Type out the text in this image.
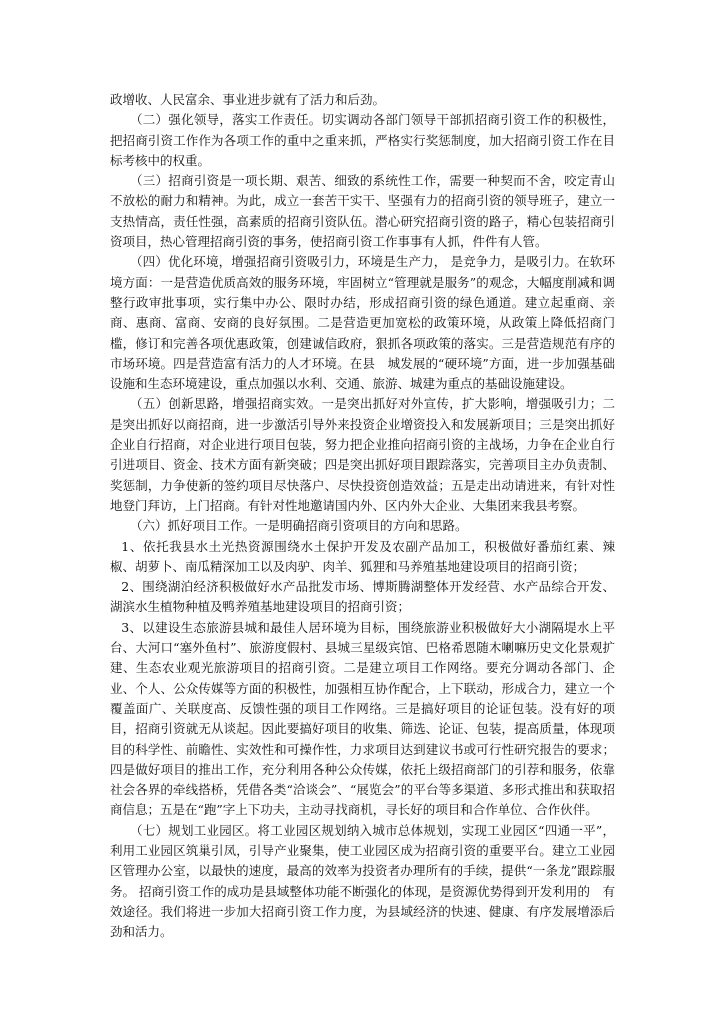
政增收、人民富余、事业进步就有了活力和后劲。

（二）强化领导，落实工作责任。切实调动各部门领导干部抓招商引资工作的积极性，把招商引资工作作为各项工作的重中之重来抓，严格实行奖惩制度，加大招商引资工作在目标考核中的权重。

（三）招商引资是一项长期、艰苦、细致的系统性工作，需要一种契而不舍，咬定青山不放松的耐力和精神。为此，成立一套苦干实干、坚强有力的招商引资的领导班子，建立一支热情高，责任性强，高素质的招商引资队伍。潜心研究招商引资的路子，精心包装招商引资项目，热心管理招商引资的事务，使招商引资工作事事有人抓，件件有人管。

（四）优化环境，增强招商引资吸引力，环境是生产力， 是竞争力，是吸引力。在软环境方面：一是营造优质高效的服务环境，牢固树立“管理就是服务”的观念，大幅度削减和调整行政审批事项，实行集中办公、限时办结，形成招商引资的绿色通道。建立起重商、亲商、惠商、富商、安商的良好氛围。二是营造更加宽松的政策环境，从政策上降低招商门槛，修订和完善各项优惠政策，创建诚信政府，狠抓各项政策的落实。三是营造规范有序的市场环境。四是营造富有活力的人才环境。在县　城发展的“硬环境”方面，进一步加强基础设施和生态环境建设，重点加强以水利、交通、旅游、城建为重点的基础设施建设。

（五）创新思路，增强招商实效。一是突出抓好对外宣传，扩大影响，增强吸引力；二是突出抓好以商招商，进一步激活引导外来投资企业增资投入和发展新项目；三是突出抓好企业自行招商，对企业进行项目包装，努力把企业推向招商引资的主战场，力争在企业自行引进项目、资金、技术方面有新突破；四是突出抓好项目跟踪落实，完善项目主办负责制、奖惩制，力争使新的签约项目尽快落户、尽快投资创造效益；五是走出动请进来，有针对性地登门拜访，上门招商。有针对性地邀请国内外、区内外大企业、大集团来我县考察。

（六）抓好项目工作。一是明确招商引资项目的方向和思路。

1、依托我县水土光热资源围绕水土保护开发及农副产品加工，积极做好番茄红素、辣椒、胡萝卜、南瓜精深加工以及肉驴、肉羊、狐狸和马养殖基地建设项目的招商引资；

2、围绕湖泊经济积极做好水产品批发市场、博斯腾湖整体开发经营、水产品综合开发、湖滨水生植物种植及鸭养殖基地建设项目的招商引资；

3、以建设生态旅游县城和最佳人居环境为目标，围绕旅游业积极做好大小湖隔堤水上平台、大河口“塞外鱼村”、旅游度假村、县城三星级宾馆、巴格希恩随木喇嘛历史文化景观扩建、生态农业观光旅游项目的招商引资。二是建立项目工作网络。要充分调动各部门、企业、个人、公众传媒等方面的积极性，加强相互协作配合，上下联动，形成合力，建立一个覆盖面广、关联度高、反馈性强的项目工作网络。三是搞好项目的论证包装。没有好的项目，招商引资就无从谈起。因此要搞好项目的收集、筛选、论证、包装，提高质量，体现项目的科学性、前瞻性、实效性和可操作性，力求项目达到建议书或可行性研究报告的要求；四是做好项目的推出工作，充分利用各种公众传媒，依托上级招商部门的引荐和服务，依靠社会各界的牵线搭桥，凭借各类“洽谈会”、“展览会”的平台等多渠道、多形式推出和获取招商信息；五是在“跑”字上下功夫，主动寻找商机，寻长好的项目和合作单位、合作伙伴。

（七）规划工业园区。将工业园区规划纳入城市总体规划，实现工业园区“四通一平”，利用工业园区筑巢引凤，引导产业聚集，使工业园区成为招商引资的重要平台。建立工业园区管理办公室，以最快的速度，最高的效率为投资者办理所有的手续，提供“一条龙”跟踪服务。 招商引资工作的成功是县域整体功能不断强化的体现，是资源优势得到开发利用的　有效途径。我们将进一步加大招商引资工作力度，为县域经济的快速、健康、有序发展增添后劲和活力。
